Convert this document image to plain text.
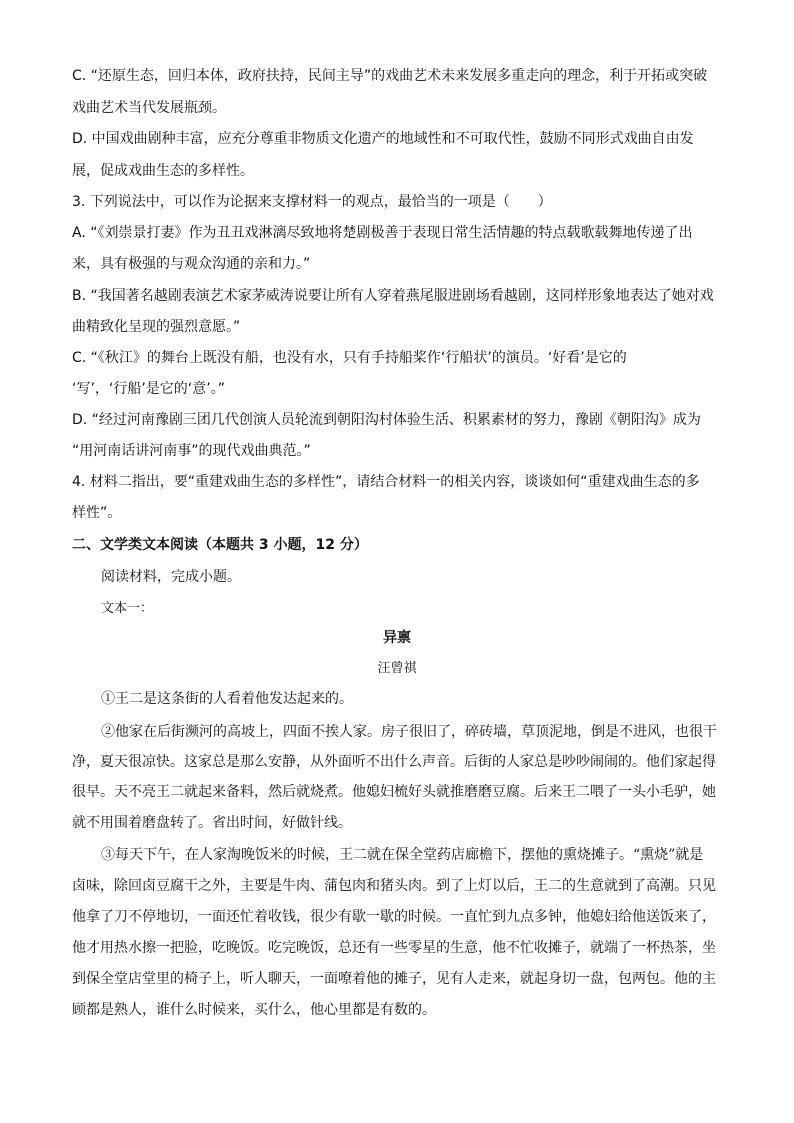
C. “还原生态，回归本体，政府扶持，民间主导”的戏曲艺术未来发展多重走向的理念，利于开拓或突破
戏曲艺术当代发展瓶颈。
D. 中国戏曲剧种丰富，应充分尊重非物质文化遗产的地域性和不可取代性，鼓励不同形式戏曲自由发
展，促成戏曲生态的多样性。
3. 下列说法中，可以作为论据来支撑材料一的观点，最恰当的一项是（　　）
A. “《刘崇景打妻》作为丑丑戏淋漓尽致地将楚剧极善于表现日常生活情趣的特点载歌载舞地传递了出
来，具有极强的与观众沟通的亲和力。”
B. “我国著名越剧表演艺术家茅威涛说要让所有人穿着燕尾服进剧场看越剧，这同样形象地表达了她对戏
曲精致化呈现的强烈意愿。”
C. “《秋江》的舞台上既没有船，也没有水，只有手持船桨作‘行船状’的演员。‘好看’是它的
‘写’，‘行船’是它的‘意’。”
D. “经过河南豫剧三团几代创演人员轮流到朝阳沟村体验生活、积累素材的努力，豫剧《朝阳沟》成为
“用河南话讲河南事”的现代戏曲典范。”
4. 材料二指出，要“重建戏曲生态的多样性”，请结合材料一的相关内容，谈谈如何“重建戏曲生态的多
样性”。
二、文学类文本阅读（本题共 3 小题，12 分）
阅读材料，完成小题。
文本一：
异禀
汪曾祺
①王二是这条街的人看着他发达起来的。
②他家在后街濒河的高坡上，四面不挨人家。房子很旧了，碎砖墙，草顶泥地，倒是不进风，也很干
净，夏天很凉快。这家总是那么安静，从外面听不出什么声音。后街的人家总是吵吵闹闹的。他们家起得
很早。天不亮王二就起来备料，然后就烧煮。他媳妇梳好头就推磨磨豆腐。后来王二喂了一头小毛驴，她
就不用围着磨盘转了。省出时间，好做针线。
③每天下午，在人家淘晚饭米的时候，王二就在保全堂药店廊檐下，摆他的熏烧摊子。“熏烧”就是
卤味，除回卤豆腐干之外，主要是牛肉、蒲包肉和猪头肉。到了上灯以后，王二的生意就到了高潮。只见
他拿了刀不停地切，一面还忙着收钱，很少有歇一歇的时候。一直忙到九点多钟，他媳妇给他送饭来了，
他才用热水擦一把脸，吃晚饭。吃完晚饭，总还有一些零星的生意，他不忙收摊子，就端了一杯热茶，坐
到保全堂店堂里的椅子上，听人聊天，一面嘹着他的摊子，见有人走来，就起身切一盘，包两包。他的主
顾都是熟人，谁什么时候来，买什么，他心里都是有数的。
